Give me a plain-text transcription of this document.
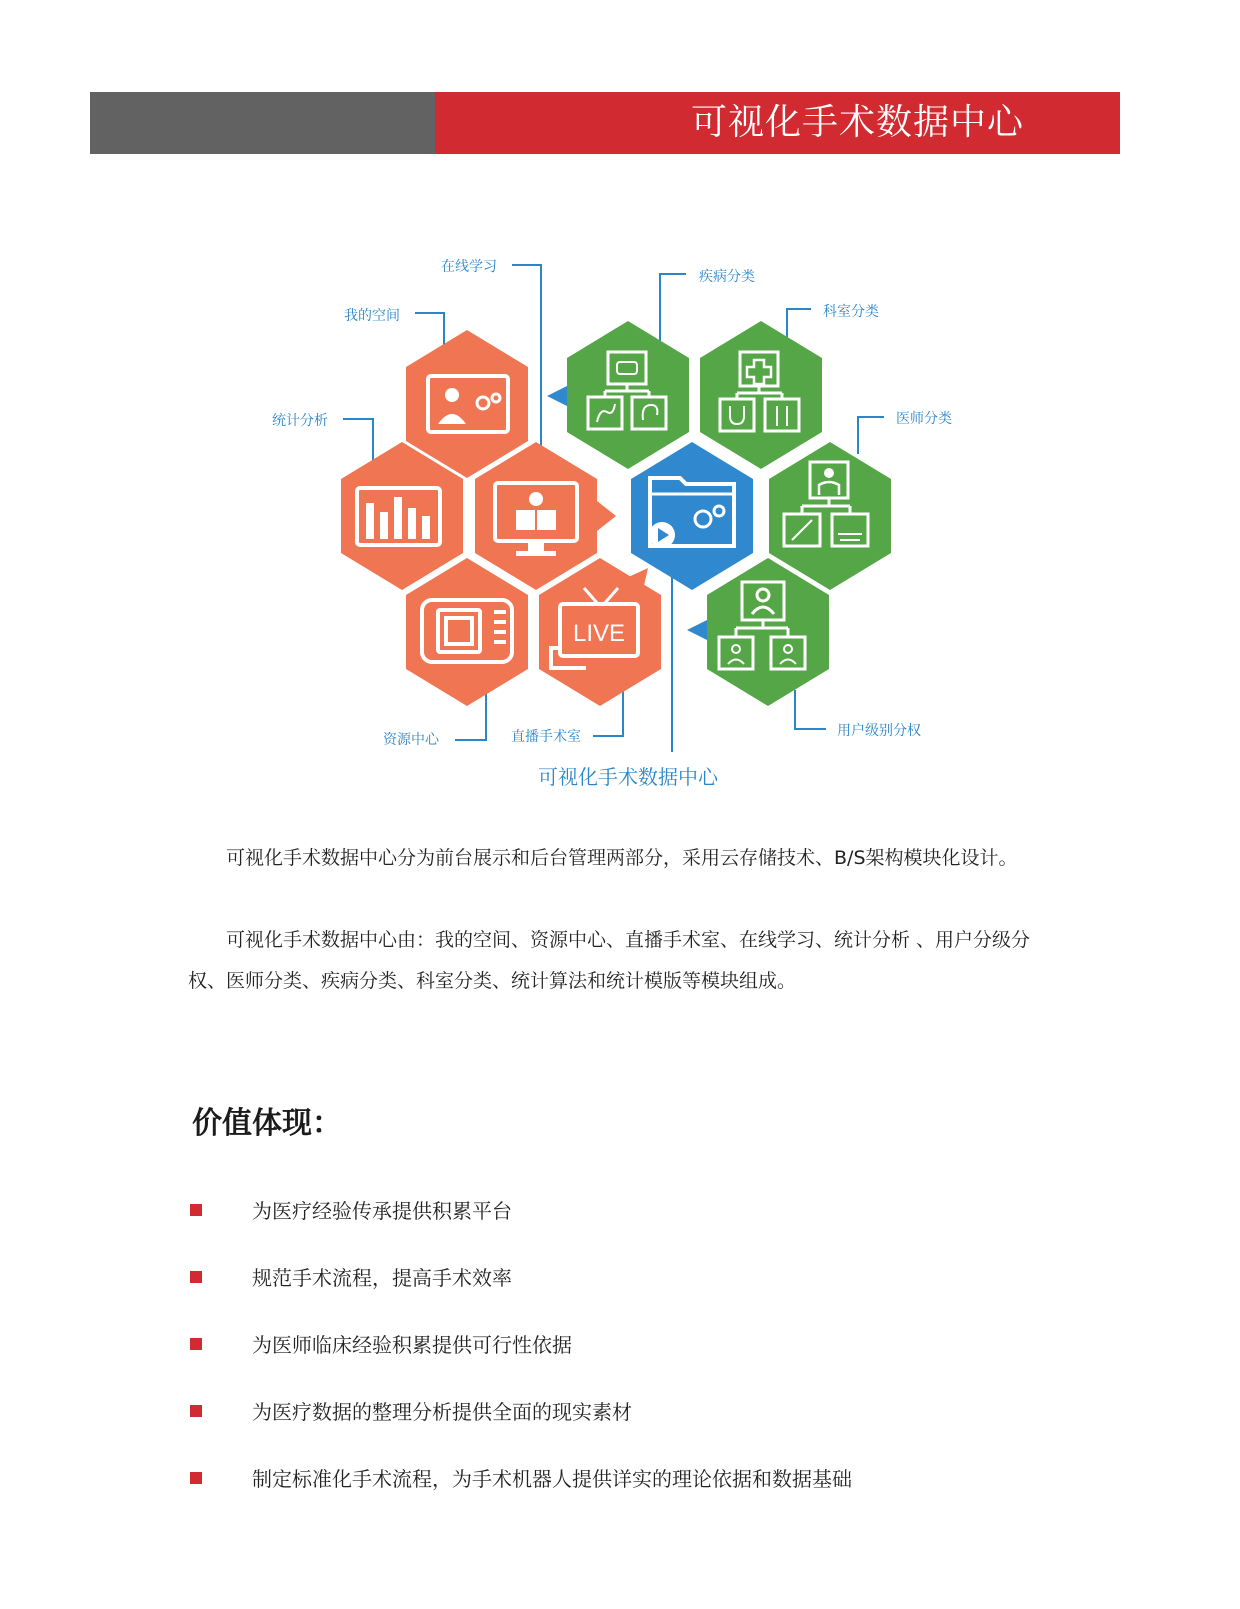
可视化手术数据中心
LIVE
在线学习
我的空间
统计分析
资源中心	直播手术室
疾病分类
科室分类
医师分类
用户级别分权
可视化手术数据中心
可视化手术数据中心分为前台展示和后台管理两部分，采用云存储技术、B/S架构模块化设计。
可视化手术数据中心由：我的空间、资源中心、直播手术室、在线学习、统计分析 、用户分级分权、医师分类、疾病分类、科室分类、统计算法和统计模版等模块组成。
价值体现：
为医疗经验传承提供积累平台
规范手术流程，提高手术效率
为医师临床经验积累提供可行性依据
为医疗数据的整理分析提供全面的现实素材
制定标准化手术流程，为手术机器人提供详实的理论依据和数据基础
